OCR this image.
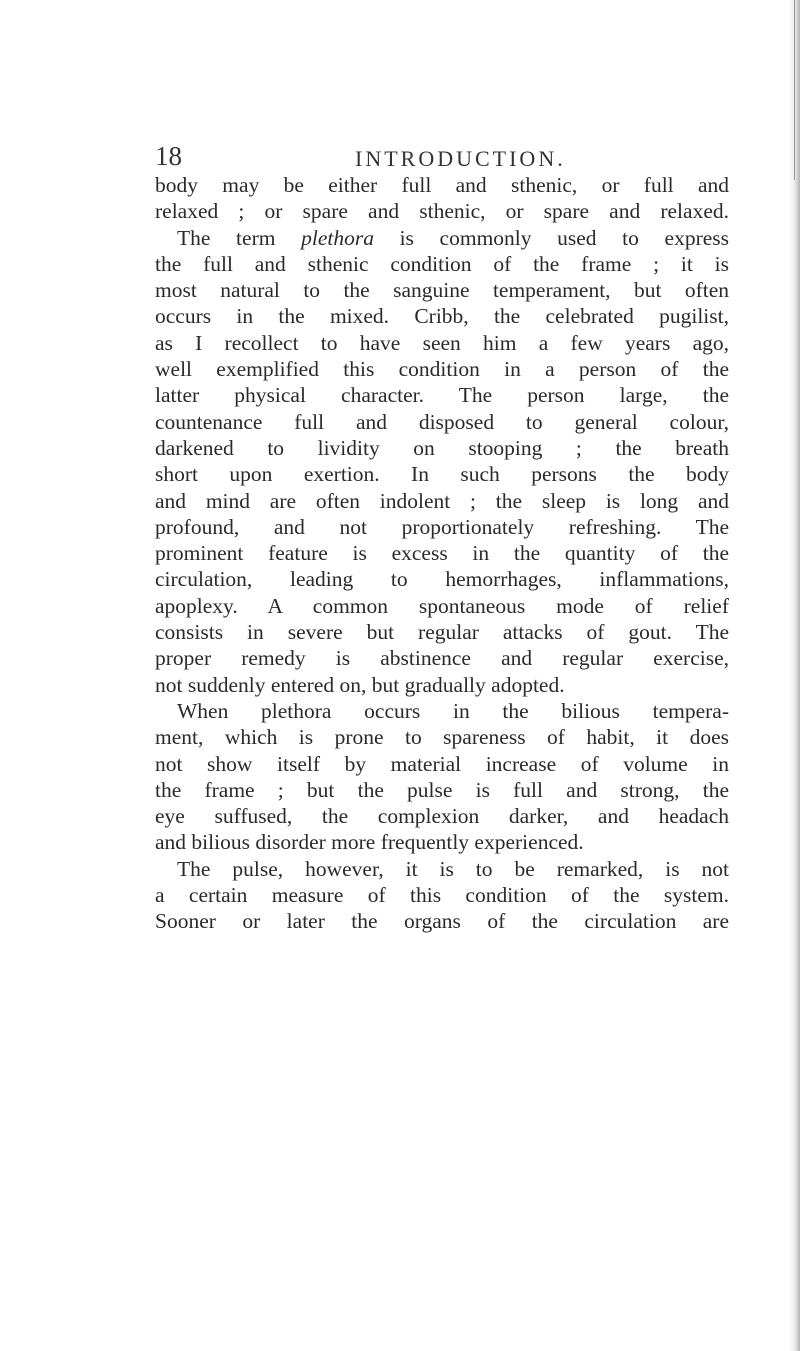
18	INTRODUCTION.
body may be either full and sthenic, or full and
relaxed ; or spare and sthenic, or spare and relaxed.
The term plethora is commonly used to express
the full and sthenic condition of the frame ; it is
most natural to the sanguine temperament, but often
occurs in the mixed. Cribb, the celebrated pugilist,
as I recollect to have seen him a few years ago,
well exemplified this condition in a person of the
latter physical character. The person large, the
countenance full and disposed to general colour,
darkened to lividity on stooping ; the breath
short upon exertion. In such persons the body
and mind are often indolent ; the sleep is long and
profound, and not proportionately refreshing. The
prominent feature is excess in the quantity of the
circulation, leading to hemorrhages, inflammations,
apoplexy. A common spontaneous mode of relief
consists in severe but regular attacks of gout. The
proper remedy is abstinence and regular exercise,
not suddenly entered on, but gradually adopted.
When plethora occurs in the bilious tempera-
ment, which is prone to spareness of habit, it does
not show itself by material increase of volume in
the frame ; but the pulse is full and strong, the
eye suffused, the complexion darker, and headach
and bilious disorder more frequently experienced.
The pulse, however, it is to be remarked, is not
a certain measure of this condition of the system.
Sooner or later the organs of the circulation are
